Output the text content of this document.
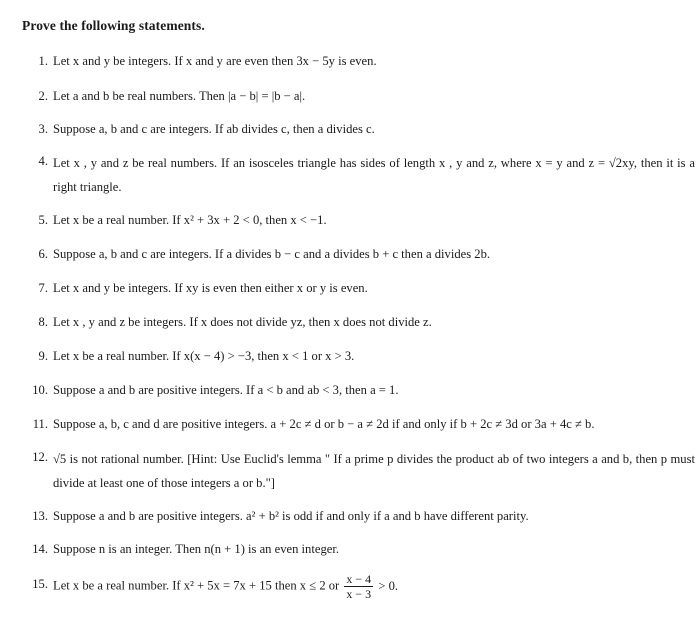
Prove the following statements.
1. Let x and y be integers. If x and y are even then 3x − 5y is even.
2. Let a and b be real numbers. Then |a − b| = |b − a|.
3. Suppose a, b and c are integers. If ab divides c, then a divides c.
4. Let x , y and z be real numbers. If an isosceles triangle has sides of length x , y and z, where x = y and z = √2xy, then it is a right triangle.
5. Let x be a real number. If x² + 3x + 2 < 0, then x < −1.
6. Suppose a, b and c are integers. If a divides b − c and a divides b + c then a divides 2b.
7. Let x and y be integers. If xy is even then either x or y is even.
8. Let x , y and z be integers. If x does not divide yz, then x does not divide z.
9. Let x be a real number. If x(x − 4) > −3, then x < 1 or x > 3.
10. Suppose a and b are positive integers. If a < b and ab < 3, then a = 1.
11. Suppose a, b, c and d are positive integers. a + 2c ≠ d or b − a ≠ 2d if and only if b + 2c ≠ 3d or 3a + 4c ≠ b.
12. √5 is not rational number. [Hint: Use Euclid's lemma " If a prime p divides the product ab of two integers a and b, then p must divide at least one of those integers a or b."]
13. Suppose a and b are positive integers. a² + b² is odd if and only if a and b have different parity.
14. Suppose n is an integer. Then n(n + 1) is an even integer.
15. Let x be a real number. If x² + 5x = 7x + 15 then x ≤ 2 or $\frac{x - 4}{x - 3} > 0$.
